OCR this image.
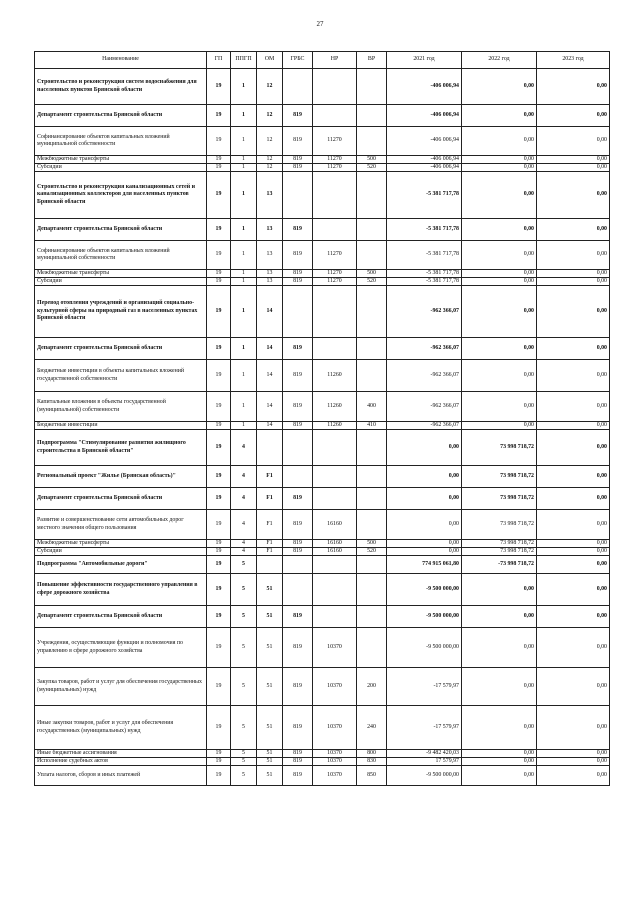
27
Наименование	ГП	ППГП	ОМ	ГРБС	НР	ВР	2021 год	2022 год	2023 год
Строительство и реконструкция систем водоснабжения для населенных пунктов Брянской области	19	1	12				-406 006,94	0,00	0,00
Департамент строительства Брянской области	19	1	12	819			-406 006,94	0,00	0,00
Софинансирование объектов капитальных вложений муниципальной собственности	19	1	12	819	11270		-406 006,94	0,00	0,00
Межбюджетные трансферты	19	1	12	819	11270	500	-406 006,94	0,00	0,00
Субсидии	19	1	12	819	11270	520	-406 006,94	0,00	0,00
Строительство и реконструкция канализационных сетей и канализационных коллекторов для населенных пунктов Брянской области	19	1	13				-5 381 717,78	0,00	0,00
Департамент строительства Брянской области	19	1	13	819			-5 381 717,78	0,00	0,00
Софинансирование объектов капитальных вложений муниципальной собственности	19	1	13	819	11270		-5 381 717,78	0,00	0,00
Межбюджетные трансферты	19	1	13	819	11270	500	-5 381 717,78	0,00	0,00
Субсидии	19	1	13	819	11270	520	-5 381 717,78	0,00	0,00
Перевод отопления учреждений и организаций социально-культурной сферы на природный газ в населенных пунктах Брянской области	19	1	14				-962 366,07	0,00	0,00
Департамент строительства Брянской области	19	1	14	819			-962 366,07	0,00	0,00
Бюджетные инвестиции в объекты капитальных вложений государственной собственности	19	1	14	819	11260		-962 366,07	0,00	0,00
Капитальные вложения в объекты государственной (муниципальной) собственности	19	1	14	819	11260	400	-962 366,07	0,00	0,00
Бюджетные инвестиции	19	1	14	819	11260	410	-962 366,07	0,00	0,00
Подпрограмма "Стимулирование развития жилищного строительства в Брянской области"	19	4					0,00	73 998 718,72	0,00
Региональный проект "Жилье (Брянская область)"	19	4	F1				0,00	73 998 718,72	0,00
Департамент строительства Брянской области	19	4	F1	819			0,00	73 998 718,72	0,00
Развитие и совершенствование сети автомобильных дорог местного значения общего пользования	19	4	F1	819	16160		0,00	73 998 718,72	0,00
Межбюджетные трансферты	19	4	F1	819	16160	500	0,00	73 998 718,72	0,00
Субсидии	19	4	F1	819	16160	520	0,00	73 998 718,72	0,00
Подпрограмма "Автомобильные дороги"	19	5					774 915 061,80	-73 998 718,72	0,00
Повышение эффективности государственного управления в сфере дорожного хозяйства	19	5	51				-9 500 000,00	0,00	0,00
Департамент строительства Брянской области	19	5	51	819			-9 500 000,00	0,00	0,00
Учреждения, осуществляющие функции и полномочия по управлению в сфере дорожного хозяйства	19	5	51	819	10370		-9 500 000,00	0,00	0,00
Закупка товаров, работ и услуг для обеспечения государственных (муниципальных) нужд	19	5	51	819	10370	200	-17 579,97	0,00	0,00
Иные закупки товаров, работ и услуг для обеспечения государственных (муниципальных) нужд	19	5	51	819	10370	240	-17 579,97	0,00	0,00
Иные бюджетные ассигнования	19	5	51	819	10370	800	-9 482 420,03	0,00	0,00
Исполнение судебных актов	19	5	51	819	10370	830	17 579,97	0,00	0,00
Уплата налогов, сборов и иных платежей	19	5	51	819	10370	850	-9 500 000,00	0,00	0,00
